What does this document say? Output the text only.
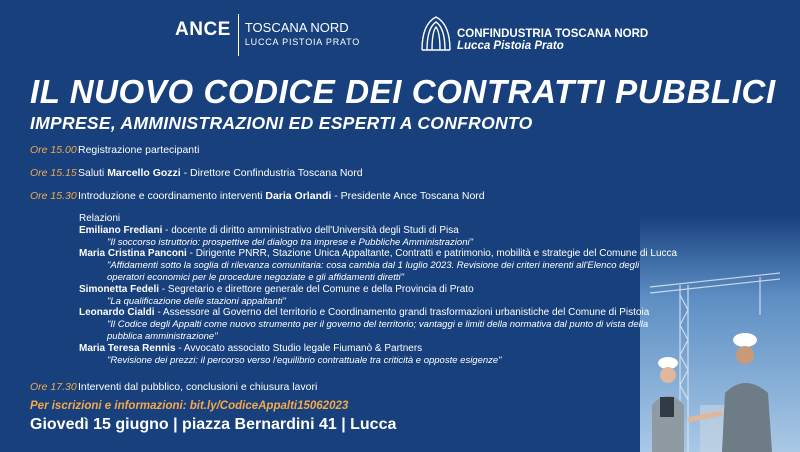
ANCE	TOSCANA NORD
LUCCA PISTOIA PRATO
CONFINDUSTRIA TOSCANA NORD
Lucca Pistoia Prato
IL NUOVO CODICE DEI CONTRATTI PUBBLICI
IMPRESE, AMMINISTRAZIONI ED ESPERTI A CONFRONTO
Ore 15.00Registrazione partecipanti
Ore 15.15Saluti Marcello Gozzi - Direttore Confindustria Toscana Nord
Ore 15.30Introduzione e coordinamento interventi Daria Orlandi - Presidente Ance Toscana Nord
Relazioni
Emiliano Frediani - docente di diritto amministrativo dell'Università degli Studi di Pisa
"Il soccorso istruttorio: prospettive del dialogo tra imprese e Pubbliche Amministrazioni"
Maria Cristina Panconi - Dirigente PNRR, Stazione Unica Appaltante, Contratti e patrimonio, mobilità e strategie del Comune di Lucca
"Affidamenti sotto la soglia di rilevanza comunitaria: cosa cambia dal 1 luglio 2023. Revisione dei criteri inerenti all'Elenco degli operatori economici per le procedure negoziate e gli affidamenti diretti"
Simonetta Fedeli - Segretario e direttore generale del Comune e della Provincia di Prato
"La qualificazione delle stazioni appaltanti"
Leonardo Cialdi - Assessore al Governo del territorio e Coordinamento grandi trasformazioni urbanistiche del Comune di Pistoia
"Il Codice degli Appalti come nuovo strumento per il governo del territorio; vantaggi e limiti della normativa dal punto di vista della pubblica amministrazione"
Maria Teresa Rennis - Avvocato associato Studio legale Fiumanò & Partners
"Revisione dei prezzi: il percorso verso l'equilibrio contrattuale tra criticità e opposte esigenze"
Ore 17.30Interventi dal pubblico, conclusioni e chiusura lavori
Per iscrizioni e informazioni: bit.ly/CodiceAppalti15062023
Giovedì 15 giugno | piazza Bernardini 41 | Lucca
